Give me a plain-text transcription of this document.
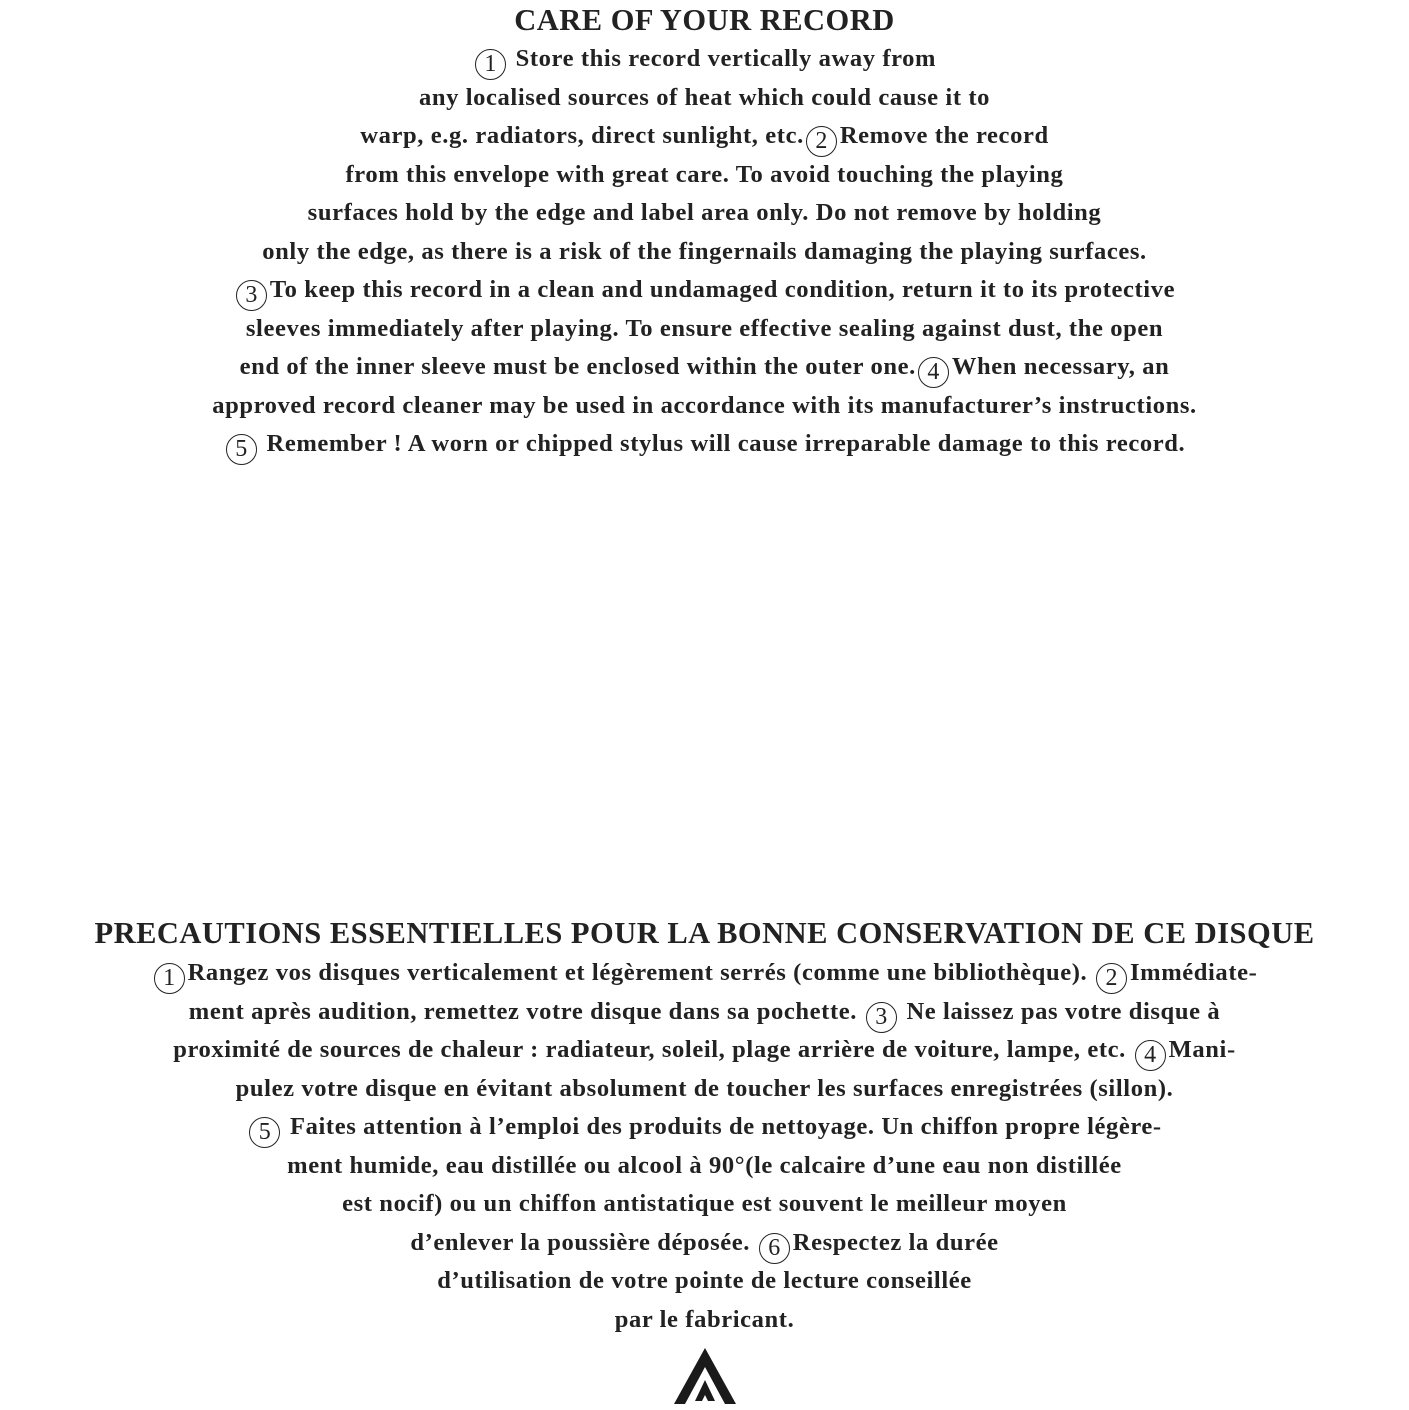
CARE OF YOUR RECORD
1 Store this record vertically away from
any localised sources of heat which could cause it to
warp, e.g. radiators, direct sunlight, etc. 2 Remove the record
from this envelope with great care. To avoid touching the playing
surfaces hold by the edge and label area only. Do not remove by holding
only the edge, as there is a risk of the fingernails damaging the playing surfaces.
3 To keep this record in a clean and undamaged condition, return it to its protective
sleeves immediately after playing. To ensure effective sealing against dust, the open
end of the inner sleeve must be enclosed within the outer one. 4 When necessary, an
approved record cleaner may be used in accordance with its manufacturer’s instructions.
5 Remember ! A worn or chipped stylus will cause irreparable damage to this record.
PRECAUTIONS ESSENTIELLES POUR LA BONNE CONSERVATION DE CE DISQUE
1 Rangez vos disques verticalement et légèrement serrés (comme une bibliothèque). 2 Immédiate-
ment après audition, remettez votre disque dans sa pochette. 3 Ne laissez pas votre disque à
proximité de sources de chaleur : radiateur, soleil, plage arrière de voiture, lampe, etc. 4 Mani-
pulez votre disque en évitant absolument de toucher les surfaces enregistrées (sillon).
5 Faites attention à l’emploi des produits de nettoyage. Un chiffon propre légère-
ment humide, eau distillée ou alcool à 90°(le calcaire d’une eau non distillée
est nocif) ou un chiffon antistatique est souvent le meilleur moyen
d’enlever la poussière déposée. 6 Respectez la durée
d’utilisation de votre pointe de lecture conseillée
par le fabricant.
